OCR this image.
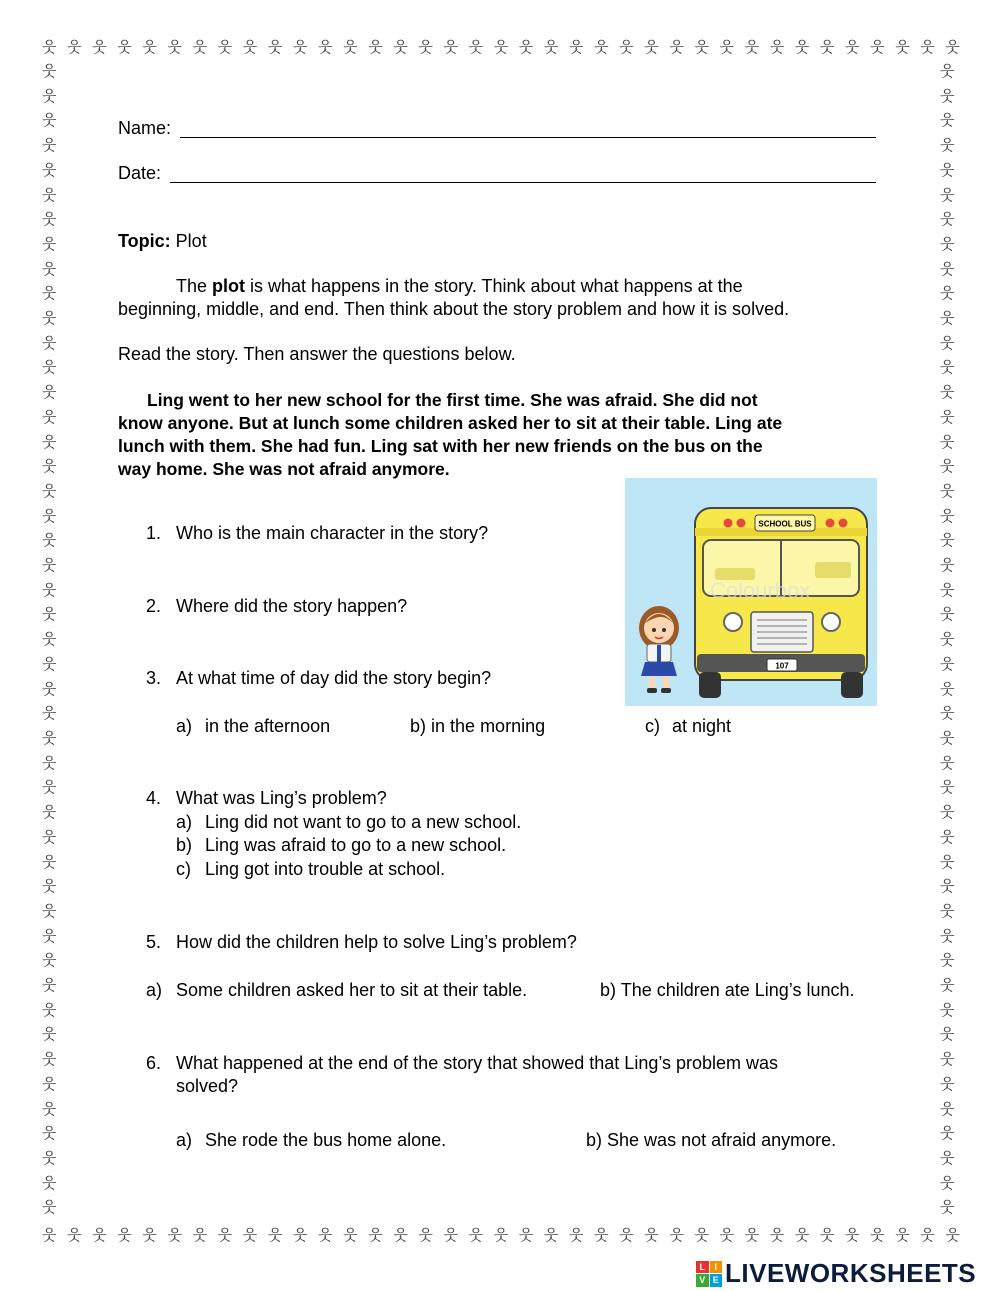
웃 웃 웃 웃 웃 웃 웃 웃 웃 웃 웃 웃 웃 웃 웃 웃 웃 웃 웃 웃 웃 웃 웃 웃 웃 웃 웃 웃 웃 웃 웃 웃 웃 웃 웃 웃 웃
웃 웃 웃 웃 웃 웃 웃 웃 웃 웃 웃 웃 웃 웃 웃 웃 웃 웃 웃 웃 웃 웃 웃 웃 웃 웃 웃 웃 웃 웃 웃 웃 웃 웃 웃 웃 웃
웃
웃
웃
웃
웃
웃
웃
웃
웃
웃
웃
웃
웃
웃
웃
웃
웃
웃
웃
웃
웃
웃
웃
웃
웃
웃
웃
웃
웃
웃
웃
웃
웃
웃
웃
웃
웃
웃
웃
웃
웃
웃
웃
웃
웃
웃
웃
웃
웃
웃
웃
웃
웃
웃
웃
웃
웃
웃
웃
웃
웃
웃
웃
웃
웃
웃
웃
웃
웃
웃
웃
웃
웃
웃
웃
웃
웃
웃
웃
웃
웃
웃
웃
웃
웃
웃
웃
웃
웃
웃
웃
웃
웃
웃
Name:
Date:
Topic: Plot
The plot is what happens in the story. Think about what happens at the
beginning, middle, and end. Then think about the story problem and how it is solved.
Read the story. Then answer the questions below.
Ling went to her new school for the first time. She was afraid. She did not
know anyone. But at lunch some children asked her to sit at their table. Ling ate
lunch with them. She had fun. Ling sat with her new friends on the bus on the
way home. She was not afraid anymore.
SCHOOL BUS
Colourbox
107
1. Who is the main character in the story?
2. Where did the story happen?
3. At what time of day did the story begin?
a) in the afternoon	b) in the morning	c) at night
4. What was Ling’s problem?
a) Ling did not want to go to a new school.
b) Ling was afraid to go to a new school.
c) Ling got into trouble at school.
5. How did the children help to solve Ling’s problem?
a) Some children asked her to sit at their table.	b) The children ate Ling’s lunch.
6. What happened at the end of the story that showed that Ling’s problem was
solved?
a) She rode the bus home alone.	b) She was not afraid anymore.
L	I
V E LIVEWORKSHEETS
